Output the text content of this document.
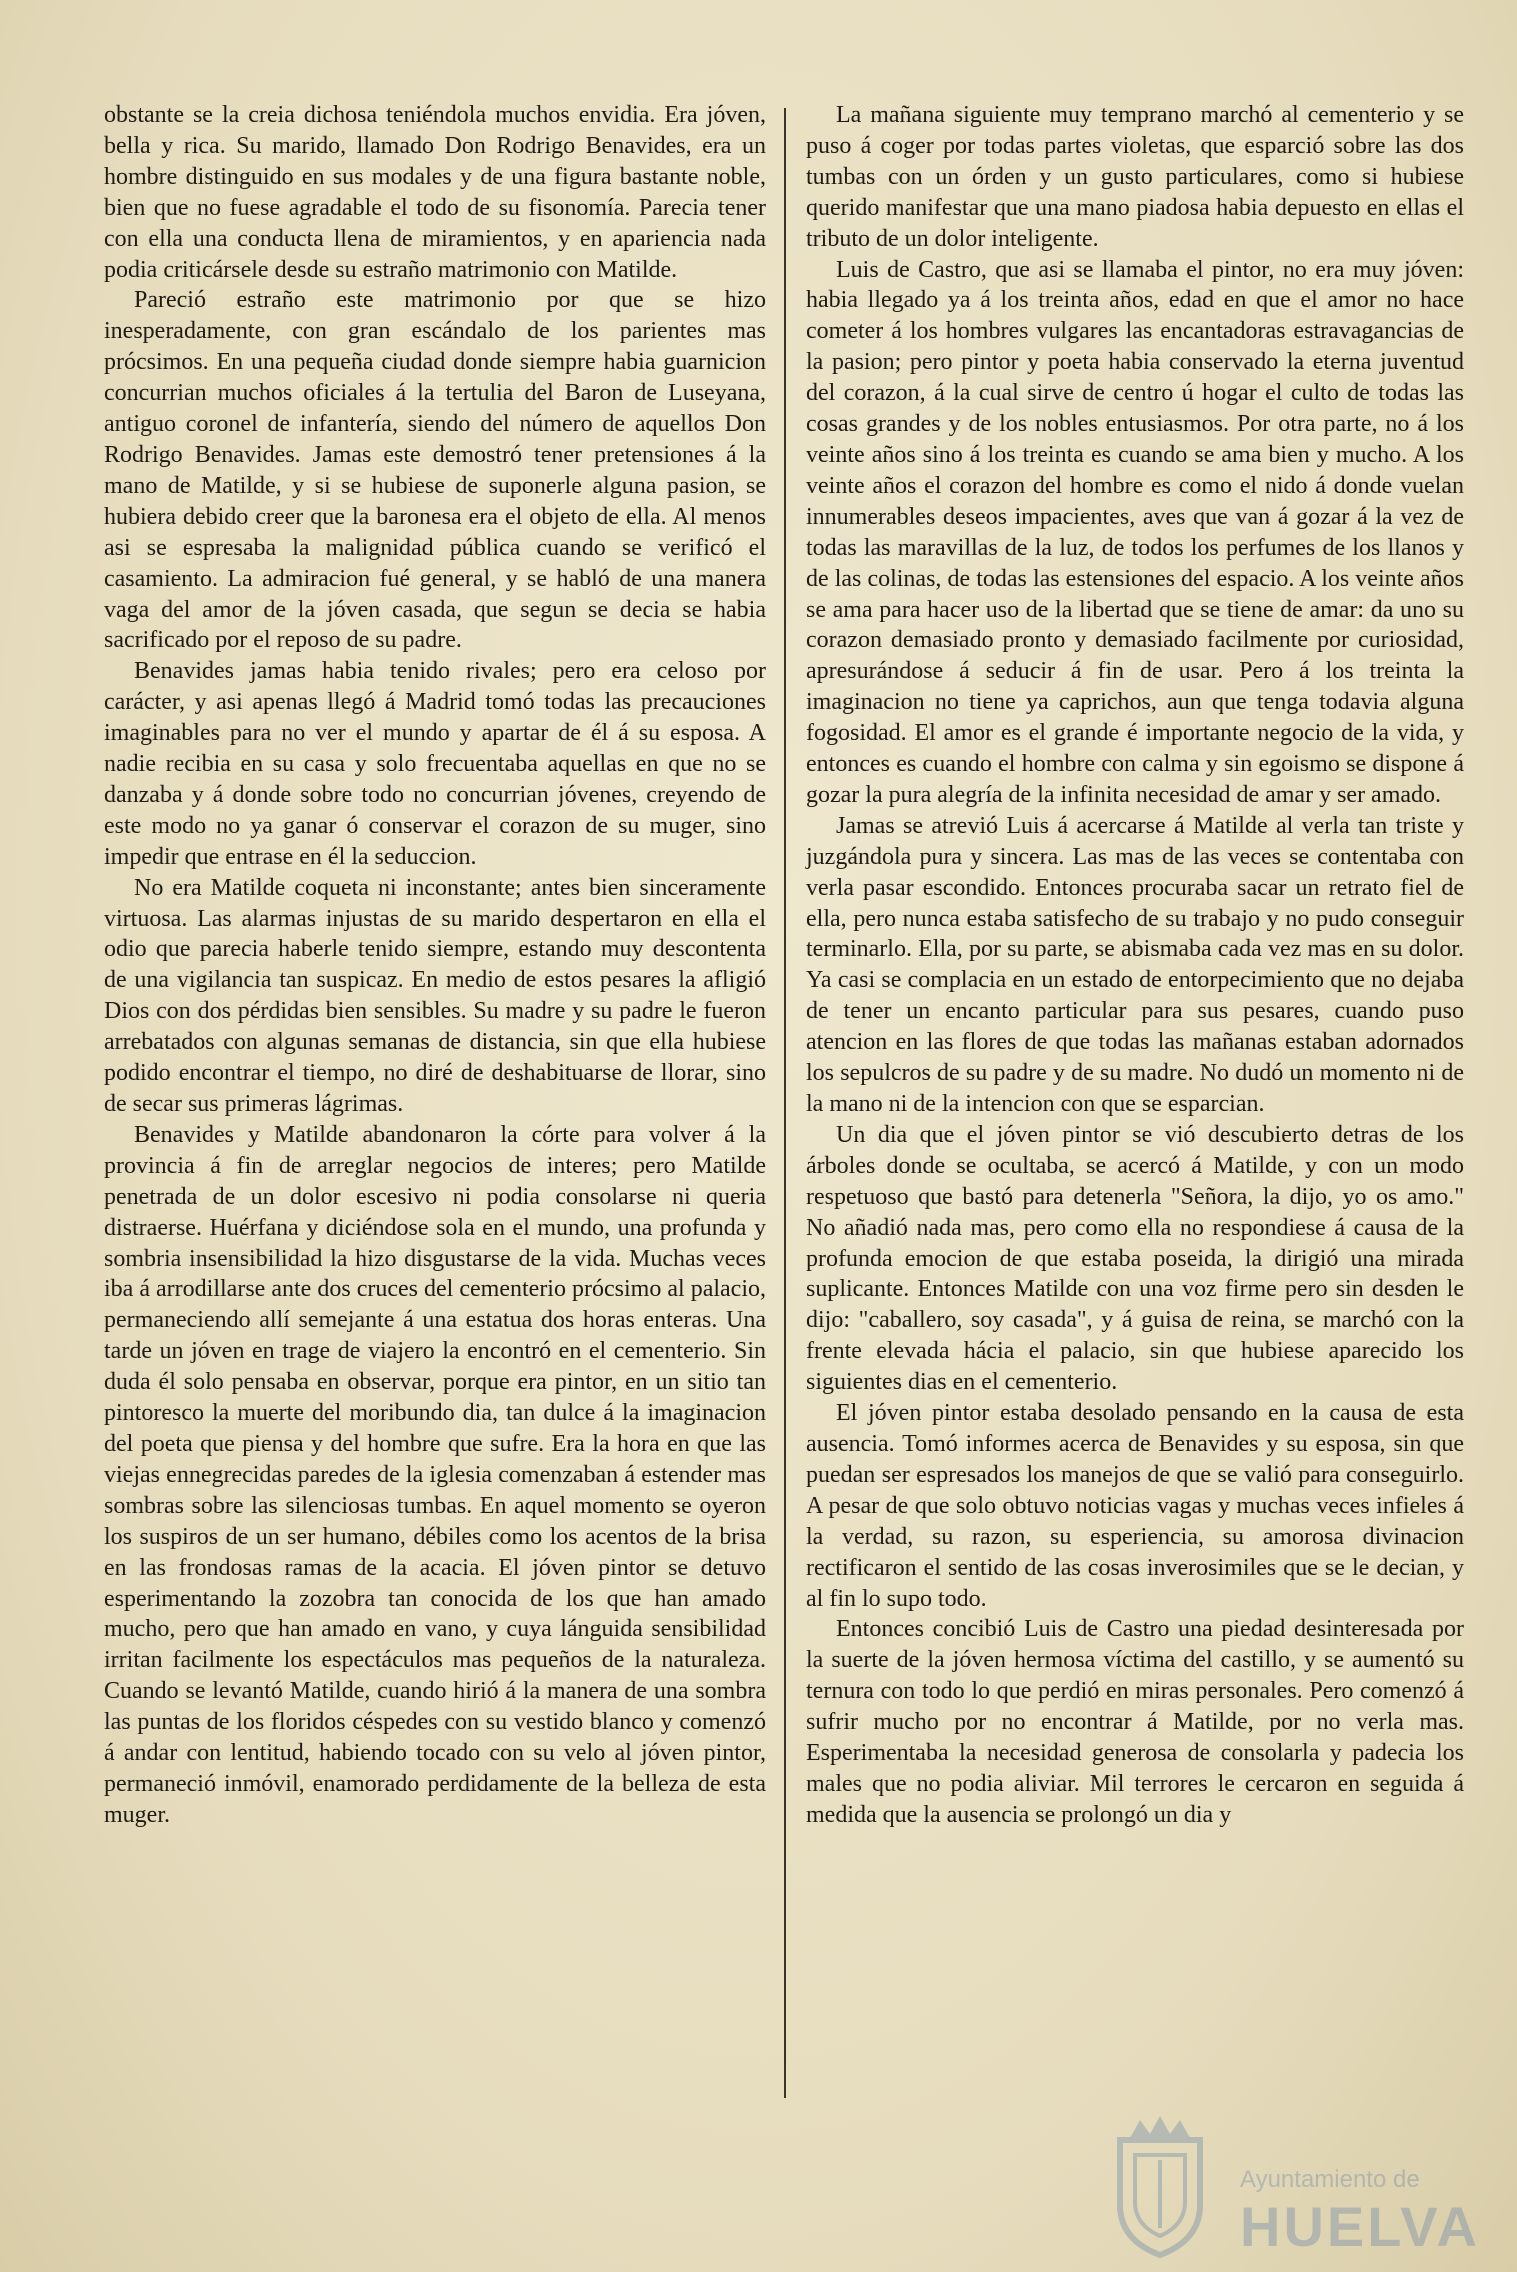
obstante se la creia dichosa teniéndola muchos envidia. Era jóven, bella y rica. Su marido, llamado Don Rodrigo Benavides, era un hombre distinguido en sus modales y de una figura bastante noble, bien que no fuese agradable el todo de su fisonomía. Parecia tener con ella una conducta llena de miramientos, y en apariencia nada podia criticársele desde su estraño matrimonio con Matilde.

Pareció estraño este matrimonio por que se hizo inesperadamente, con gran escándalo de los parientes mas prócsimos. En una pequeña ciudad donde siempre habia guarnicion concurrian muchos oficiales á la tertulia del Baron de Luseyana, antiguo coronel de infantería, siendo del número de aquellos Don Rodrigo Benavides. Jamas este demostró tener pretensiones á la mano de Matilde, y si se hubiese de suponerle alguna pasion, se hubiera debido creer que la baronesa era el objeto de ella. Al menos asi se espresaba la malignidad pública cuando se verificó el casamiento. La admiracion fué general, y se habló de una manera vaga del amor de la jóven casada, que segun se decia se habia sacrificado por el reposo de su padre.

Benavides jamas habia tenido rivales; pero era celoso por carácter, y asi apenas llegó á Madrid tomó todas las precauciones imaginables para no ver el mundo y apartar de él á su esposa. A nadie recibia en su casa y solo frecuentaba aquellas en que no se danzaba y á donde sobre todo no concurrian jóvenes, creyendo de este modo no ya ganar ó conservar el corazon de su muger, sino impedir que entrase en él la seduccion.

No era Matilde coqueta ni inconstante; antes bien sinceramente virtuosa. Las alarmas injustas de su marido despertaron en ella el odio que parecia haberle tenido siempre, estando muy descontenta de una vigilancia tan suspicaz. En medio de estos pesares la afligió Dios con dos pérdidas bien sensibles. Su madre y su padre le fueron arrebatados con algunas semanas de distancia, sin que ella hubiese podido encontrar el tiempo, no diré de deshabituarse de llorar, sino de secar sus primeras lágrimas.

Benavides y Matilde abandonaron la córte para volver á la provincia á fin de arreglar negocios de interes; pero Matilde penetrada de un dolor escesivo ni podia consolarse ni queria distraerse. Huérfana y diciéndose sola en el mundo, una profunda y sombria insensibilidad la hizo disgustarse de la vida. Muchas veces iba á arrodillarse ante dos cruces del cementerio prócsimo al palacio, permaneciendo allí semejante á una estatua dos horas enteras. Una tarde un jóven en trage de viajero la encontró en el cementerio. Sin duda él solo pensaba en observar, porque era pintor, en un sitio tan pintoresco la muerte del moribundo dia, tan dulce á la imaginacion del poeta que piensa y del hombre que sufre. Era la hora en que las viejas ennegrecidas paredes de la iglesia comenzaban á estender mas sombras sobre las silenciosas tumbas. En aquel momento se oyeron los suspiros de un ser humano, débiles como los acentos de la brisa en las frondosas ramas de la acacia. El jóven pintor se detuvo esperimentando la zozobra tan conocida de los que han amado mucho, pero que han amado en vano, y cuya lánguida sensibilidad irritan facilmente los espectáculos mas pequeños de la naturaleza. Cuando se levantó Matilde, cuando hirió á la manera de una sombra las puntas de los floridos céspedes con su vestido blanco y comenzó á andar con lentitud, habiendo tocado con su velo al jóven pintor, permaneció inmóvil, enamorado perdidamente de la belleza de esta muger.

La mañana siguiente muy temprano marchó al cementerio y se puso á coger por todas partes violetas, que esparció sobre las dos tumbas con un órden y un gusto particulares, como si hubiese querido manifestar que una mano piadosa habia depuesto en ellas el tributo de un dolor inteligente.

Luis de Castro, que asi se llamaba el pintor, no era muy jóven: habia llegado ya á los treinta años, edad en que el amor no hace cometer á los hombres vulgares las encantadoras estravagancias de la pasion; pero pintor y poeta habia conservado la eterna juventud del corazon, á la cual sirve de centro ú hogar el culto de todas las cosas grandes y de los nobles entusiasmos. Por otra parte, no á los veinte años sino á los treinta es cuando se ama bien y mucho. A los veinte años el corazon del hombre es como el nido á donde vuelan innumerables deseos impacientes, aves que van á gozar á la vez de todas las maravillas de la luz, de todos los perfumes de los llanos y de las colinas, de todas las estensiones del espacio. A los veinte años se ama para hacer uso de la libertad que se tiene de amar: da uno su corazon demasiado pronto y demasiado facilmente por curiosidad, apresurándose á seducir á fin de usar. Pero á los treinta la imaginacion no tiene ya caprichos, aun que tenga todavia alguna fogosidad. El amor es el grande é importante negocio de la vida, y entonces es cuando el hombre con calma y sin egoismo se dispone á gozar la pura alegría de la infinita necesidad de amar y ser amado.

Jamas se atrevió Luis á acercarse á Matilde al verla tan triste y juzgándola pura y sincera. Las mas de las veces se contentaba con verla pasar escondido. Entonces procuraba sacar un retrato fiel de ella, pero nunca estaba satisfecho de su trabajo y no pudo conseguir terminarlo. Ella, por su parte, se abismaba cada vez mas en su dolor. Ya casi se complacia en un estado de entorpecimiento que no dejaba de tener un encanto particular para sus pesares, cuando puso atencion en las flores de que todas las mañanas estaban adornados los sepulcros de su padre y de su madre. No dudó un momento ni de la mano ni de la intencion con que se esparcian.

Un dia que el jóven pintor se vió descubierto detras de los árboles donde se ocultaba, se acercó á Matilde, y con un modo respetuoso que bastó para detenerla "Señora, la dijo, yo os amo." No añadió nada mas, pero como ella no respondiese á causa de la profunda emocion de que estaba poseida, la dirigió una mirada suplicante. Entonces Matilde con una voz firme pero sin desden le dijo: "caballero, soy casada", y á guisa de reina, se marchó con la frente elevada hácia el palacio, sin que hubiese aparecido los siguientes dias en el cementerio.

El jóven pintor estaba desolado pensando en la causa de esta ausencia. Tomó informes acerca de Benavides y su esposa, sin que puedan ser espresados los manejos de que se valió para conseguirlo. A pesar de que solo obtuvo noticias vagas y muchas veces infieles á la verdad, su razon, su esperiencia, su amorosa divinacion rectificaron el sentido de las cosas inverosimiles que se le decian, y al fin lo supo todo.

Entonces concibió Luis de Castro una piedad desinteresada por la suerte de la jóven hermosa víctima del castillo, y se aumentó su ternura con todo lo que perdió en miras personales. Pero comenzó á sufrir mucho por no encontrar á Matilde, por no verla mas. Esperimentaba la necesidad generosa de consolarla y padecia los males que no podia aliviar. Mil terrores le cercaron en seguida á medida que la ausencia se prolongó un dia y

Ayuntamiento de
HUELVA
